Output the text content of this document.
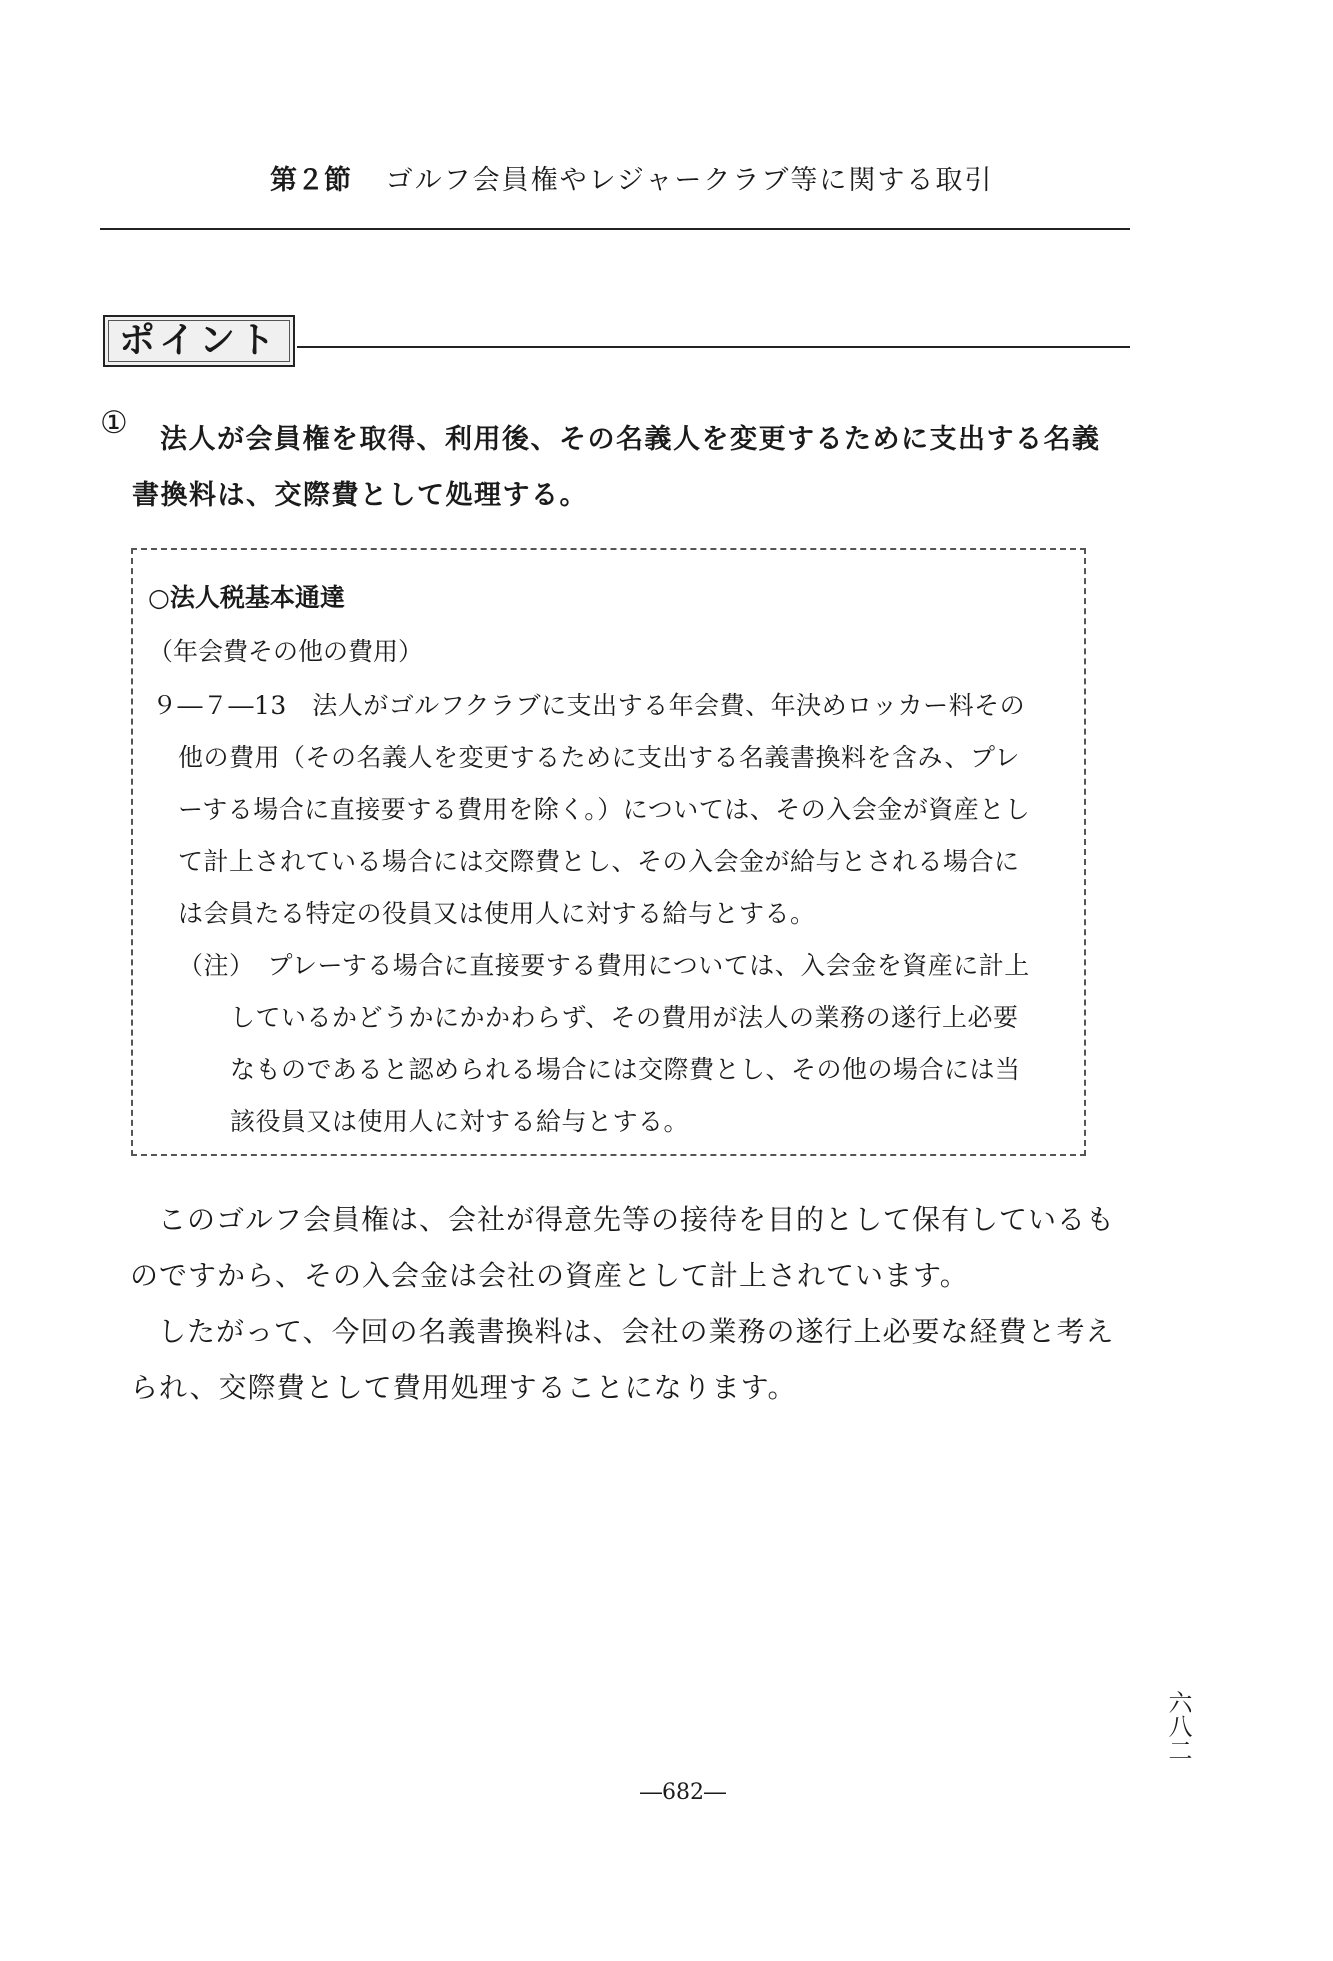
第２節 ゴルフ会員権やレジャークラブ等に関する取引
ポイント
① 法人が会員権を取得、利用後、その名義人を変更するために支出する名義
書換料は、交際費として処理する。
○法人税基本通達
（年会費その他の費用）
９―７―13　法人がゴルフクラブに支出する年会費、年決めロッカー料その
他の費用（その名義人を変更するために支出する名義書換料を含み、プレ
ーする場合に直接要する費用を除く。）については、その入会金が資産とし
て計上されている場合には交際費とし、その入会金が給与とされる場合に
は会員たる特定の役員又は使用人に対する給与とする。
（注）　プレーする場合に直接要する費用については、入会金を資産に計上
しているかどうかにかかわらず、その費用が法人の業務の遂行上必要
なものであると認められる場合には交際費とし、その他の場合には当
該役員又は使用人に対する給与とする。
このゴルフ会員権は、会社が得意先等の接待を目的として保有しているも
のですから、その入会金は会社の資産として計上されています。
したがって、今回の名義書換料は、会社の業務の遂行上必要な経費と考え
られ、交際費として費用処理することになります。
―682―
六八二
